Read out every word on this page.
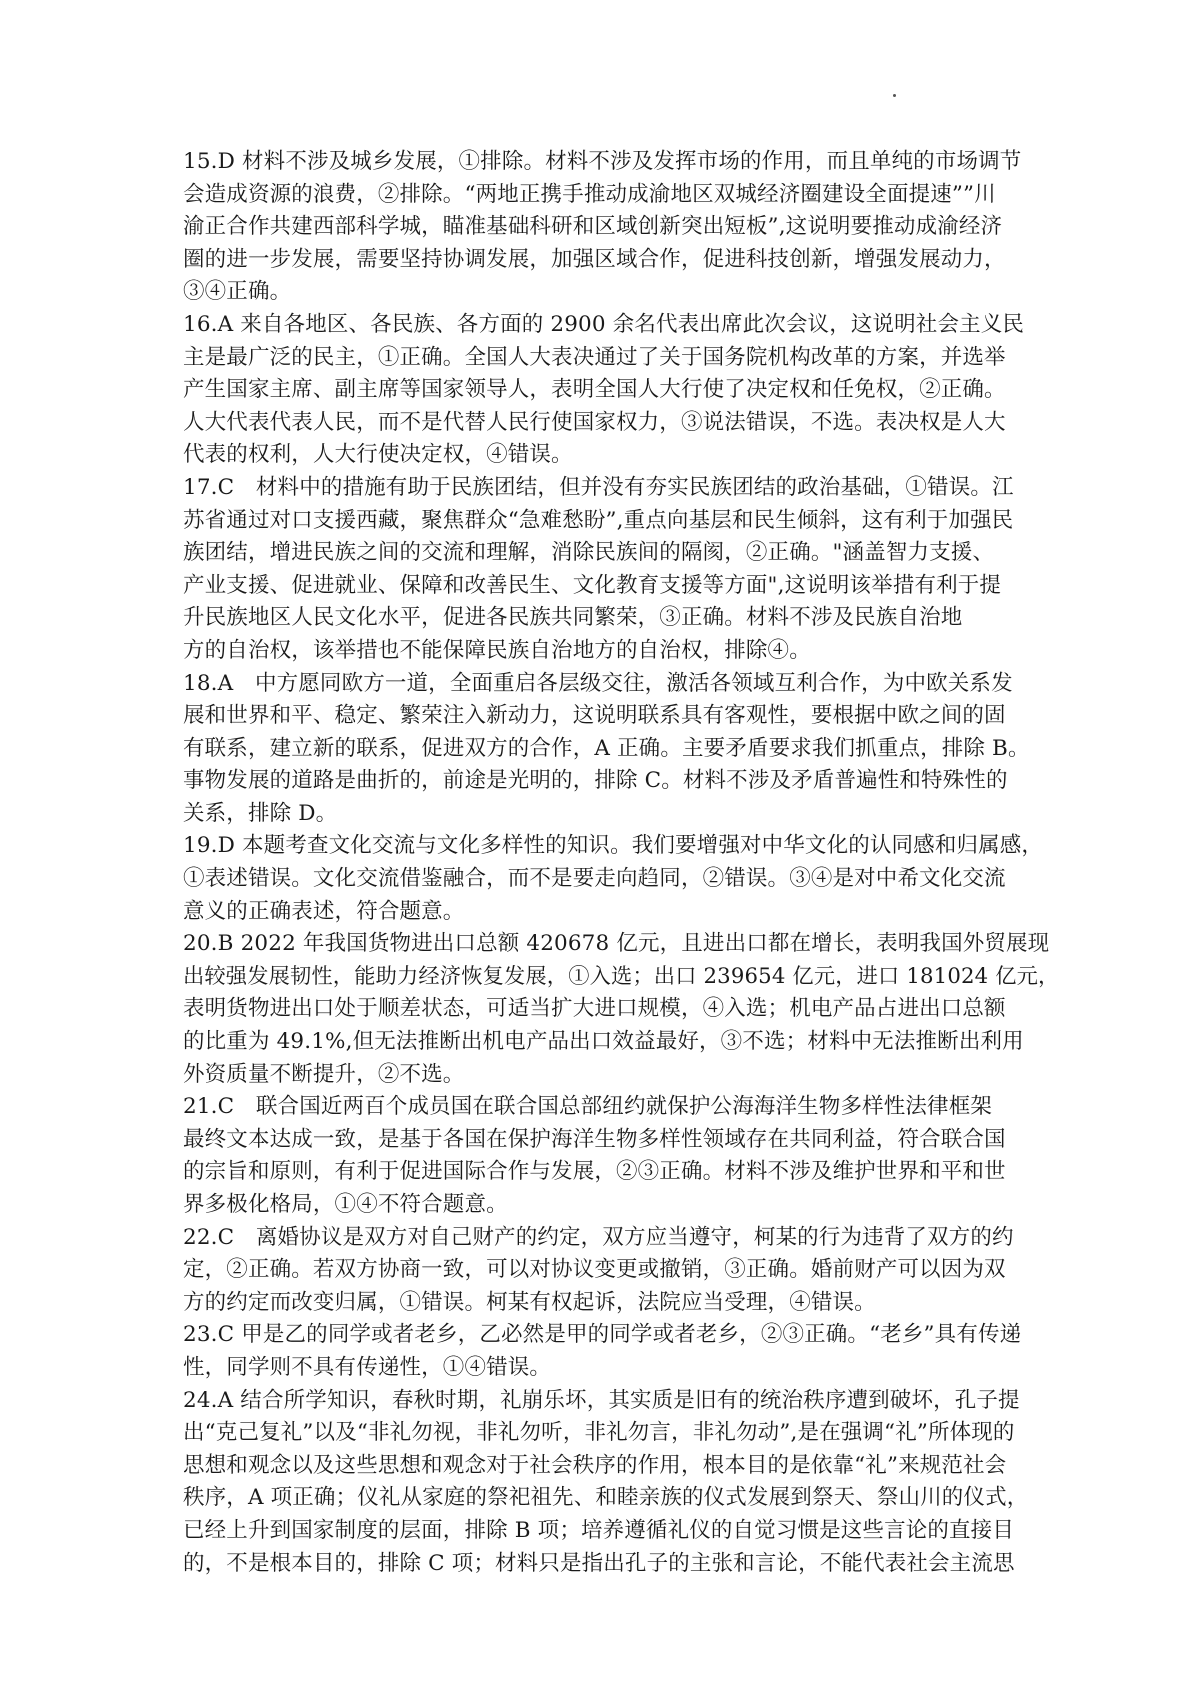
15.D 材料不涉及城乡发展，①排除。材料不涉及发挥市场的作用，而且单纯的市场调节
会造成资源的浪费，②排除。“两地正携手推动成渝地区双城经济圈建设全面提速””川
渝正合作共建西部科学城，瞄准基础科研和区域创新突出短板”,这说明要推动成渝经济
圈的进一步发展，需要坚持协调发展，加强区域合作，促进科技创新，增强发展动力，
③④正确。
16.A 来自各地区、各民族、各方面的 2900 余名代表出席此次会议，这说明社会主义民
主是最广泛的民主，①正确。全国人大表决通过了关于国务院机构改革的方案，并选举
产生国家主席、副主席等国家领导人，表明全国人大行使了决定权和任免权，②正确。
人大代表代表人民，而不是代替人民行使国家权力，③说法错误，不选。表决权是人大
代表的权利，人大行使决定权，④错误。
17.C　材料中的措施有助于民族团结，但并没有夯实民族团结的政治基础，①错误。江
苏省通过对口支援西藏，聚焦群众“急难愁盼”,重点向基层和民生倾斜，这有利于加强民
族团结，增进民族之间的交流和理解，消除民族间的隔阂，②正确。"涵盖智力支援、
产业支援、促进就业、保障和改善民生、文化教育支援等方面",这说明该举措有利于提
升民族地区人民文化水平，促进各民族共同繁荣，③正确。材料不涉及民族自治地
方的自治权，该举措也不能保障民族自治地方的自治权，排除④。
18.A　中方愿同欧方一道，全面重启各层级交往，激活各领域互利合作，为中欧关系发
展和世界和平、稳定、繁荣注入新动力，这说明联系具有客观性，要根据中欧之间的固
有联系，建立新的联系，促进双方的合作，A 正确。主要矛盾要求我们抓重点，排除 B。
事物发展的道路是曲折的，前途是光明的，排除 C。材料不涉及矛盾普遍性和特殊性的
关系，排除 D。
19.D 本题考查文化交流与文化多样性的知识。我们要增强对中华文化的认同感和归属感，
①表述错误。文化交流借鉴融合，而不是要走向趋同，②错误。③④是对中希文化交流
意义的正确表述，符合题意。
20.B 2022 年我国货物进出口总额 420678 亿元，且进出口都在增长，表明我国外贸展现
出较强发展韧性，能助力经济恢复发展，①入选；出口 239654 亿元，进口 181024 亿元，
表明货物进出口处于顺差状态，可适当扩大进口规模，④入选；机电产品占进出口总额
的比重为 49.1%,但无法推断出机电产品出口效益最好，③不选；材料中无法推断出利用
外资质量不断提升，②不选。
21.C　联合国近两百个成员国在联合国总部纽约就保护公海海洋生物多样性法律框架
最终文本达成一致，是基于各国在保护海洋生物多样性领域存在共同利益，符合联合国
的宗旨和原则，有利于促进国际合作与发展，②③正确。材料不涉及维护世界和平和世
界多极化格局，①④不符合题意。
22.C　离婚协议是双方对自己财产的约定，双方应当遵守，柯某的行为违背了双方的约
定，②正确。若双方协商一致，可以对协议变更或撤销，③正确。婚前财产可以因为双
方的约定而改变归属，①错误。柯某有权起诉，法院应当受理，④错误。
23.C 甲是乙的同学或者老乡，乙必然是甲的同学或者老乡，②③正确。“老乡”具有传递
性，同学则不具有传递性，①④错误。
24.A 结合所学知识，春秋时期，礼崩乐坏，其实质是旧有的统治秩序遭到破坏，孔子提
出“克己复礼”以及“非礼勿视，非礼勿听，非礼勿言，非礼勿动”,是在强调“礼”所体现的
思想和观念以及这些思想和观念对于社会秩序的作用，根本目的是依靠“礼”来规范社会
秩序，A 项正确；仪礼从家庭的祭祀祖先、和睦亲族的仪式发展到祭天、祭山川的仪式，
已经上升到国家制度的层面，排除 B 项；培养遵循礼仪的自觉习惯是这些言论的直接目
的，不是根本目的，排除 C 项；材料只是指出孔子的主张和言论，不能代表社会主流思
